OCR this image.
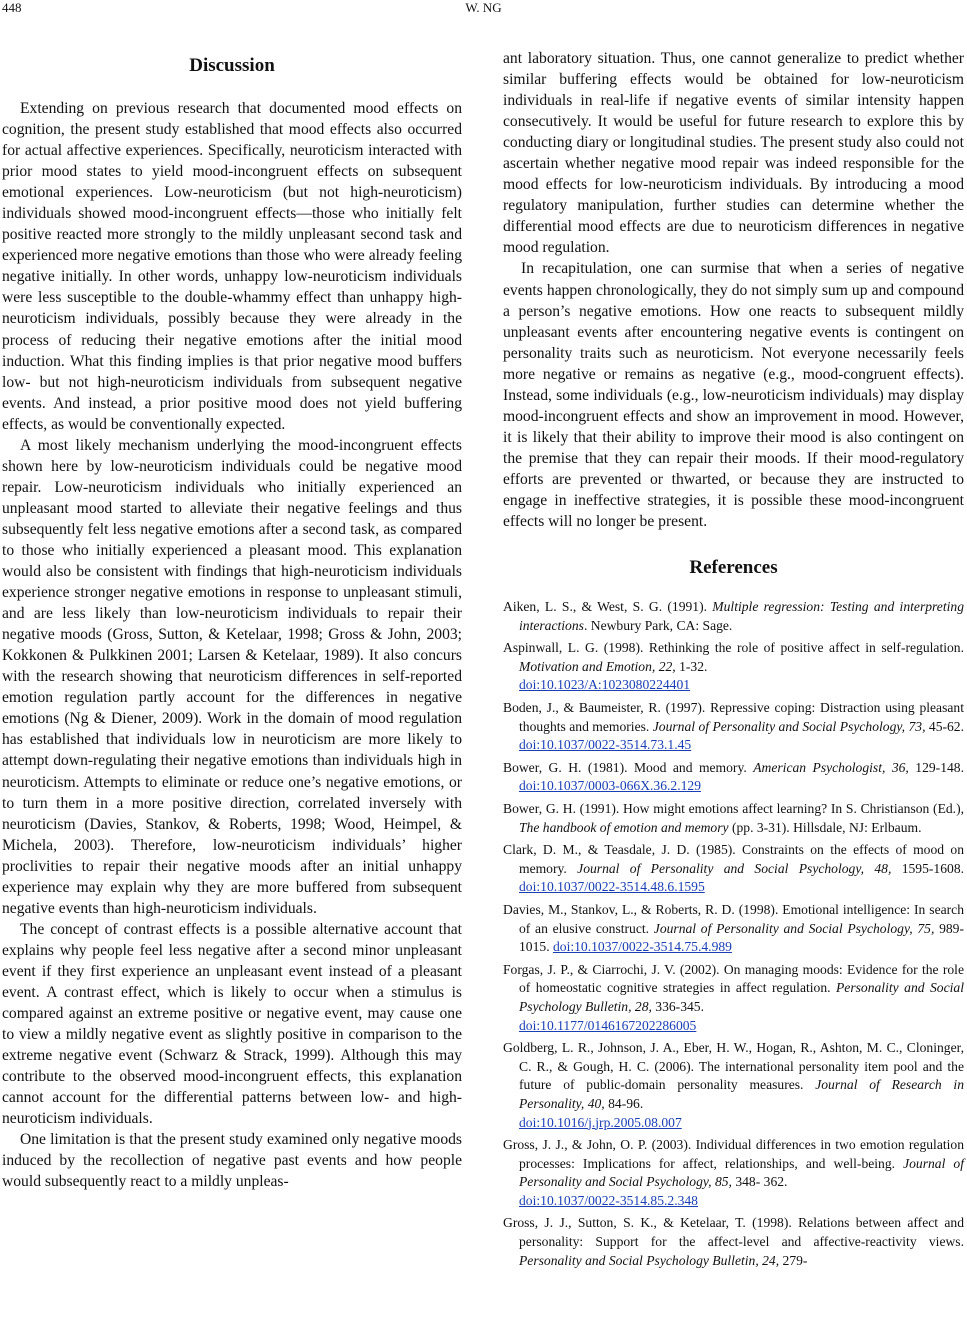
448	W. NG
Discussion

Extending on previous research that documented mood effects on cognition, the present study established that mood effects also occurred for actual affective experiences. Specifically, neuroticism interacted with prior mood states to yield mood-incongruent effects on subsequent emotional experiences. Low-neuroticism (but not high-neuroticism) individuals showed mood-incongruent effects—those who initially felt positive reacted more strongly to the mildly unpleasant second task and experienced more negative emotions than those who were already feeling negative initially. In other words, unhappy low-neuroticism individuals were less susceptible to the double-whammy effect than unhappy high-neuroticism individuals, possibly because they were already in the process of reducing their negative emotions after the initial mood induction. What this finding implies is that prior negative mood buffers low- but not high-neuroticism individuals from subsequent negative events. And instead, a prior positive mood does not yield buffering effects, as would be conventionally expected.

A most likely mechanism underlying the mood-incongruent effects shown here by low-neuroticism individuals could be negative mood repair. Low-neuroticism individuals who initially experienced an unpleasant mood started to alleviate their negative feelings and thus subsequently felt less negative emotions after a second task, as compared to those who initially experienced a pleasant mood. This explanation would also be consistent with findings that high-neuroticism individuals experience stronger negative emotions in response to unpleasant stimuli, and are less likely than low-neuroticism individuals to repair their negative moods (Gross, Sutton, & Ketelaar, 1998; Gross & John, 2003; Kokkonen & Pulkkinen 2001; Larsen & Ketelaar, 1989). It also concurs with the research showing that neuroticism differences in self-reported emotion regulation partly account for the differences in negative emotions (Ng & Diener, 2009). Work in the domain of mood regulation has established that individuals low in neuroticism are more likely to attempt down-regulating their negative emotions than individuals high in neuroticism. Attempts to eliminate or reduce one’s negative emotions, or to turn them in a more positive direction, correlated inversely with neuroticism (Davies, Stankov, & Roberts, 1998; Wood, Heimpel, & Michela, 2003). Therefore, low-neuroticism individuals’ higher proclivities to repair their negative moods after an initial unhappy experience may explain why they are more buffered from subsequent negative events than high-neuroticism individuals.

The concept of contrast effects is a possible alternative account that explains why people feel less negative after a second minor unpleasant event if they first experience an unpleasant event instead of a pleasant event. A contrast effect, which is likely to occur when a stimulus is compared against an extreme positive or negative event, may cause one to view a mildly negative event as slightly positive in comparison to the extreme negative event (Schwarz & Strack, 1999). Although this may contribute to the observed mood-incongruent effects, this explanation cannot account for the differential patterns between low- and high-neuroticism individuals.

One limitation is that the present study examined only negative moods induced by the recollection of negative past events and how people would subsequently react to a mildly unpleas-

ant laboratory situation. Thus, one cannot generalize to predict whether similar buffering effects would be obtained for low-neuroticism individuals in real-life if negative events of similar intensity happen consecutively. It would be useful for future research to explore this by conducting diary or longitudinal studies. The present study also could not ascertain whether negative mood repair was indeed responsible for the mood effects for low-neuroticism individuals. By introducing a mood regulatory manipulation, further studies can determine whether the differential mood effects are due to neuroticism differences in negative mood regulation.

In recapitulation, one can surmise that when a series of negative events happen chronologically, they do not simply sum up and compound a person’s negative emotions. How one reacts to subsequent mildly unpleasant events after encountering negative events is contingent on personality traits such as neuroticism. Not everyone necessarily feels more negative or remains as negative (e.g., mood-congruent effects). Instead, some individuals (e.g., low-neuroticism individuals) may display mood-incongruent effects and show an improvement in mood. However, it is likely that their ability to improve their mood is also contingent on the premise that they can repair their moods. If their mood-regulatory efforts are prevented or thwarted, or because they are instructed to engage in ineffective strategies, it is possible these mood-incongruent effects will no longer be present.

References
Aiken, L. S., & West, S. G. (1991). Multiple regression: Testing and interpreting interactions. Newbury Park, CA: Sage.
Aspinwall, L. G. (1998). Rethinking the role of positive affect in self-regulation. Motivation and Emotion, 22, 1-32.
doi:10.1023/A:1023080224401
Boden, J., & Baumeister, R. (1997). Repressive coping: Distraction using pleasant thoughts and memories. Journal of Personality and Social Psychology, 73, 45-62. doi:10.1037/0022-3514.73.1.45
Bower, G. H. (1981). Mood and memory. American Psychologist, 36, 129-148. doi:10.1037/0003-066X.36.2.129
Bower, G. H. (1991). How might emotions affect learning? In S. Christianson (Ed.), The handbook of emotion and memory (pp. 3-31). Hillsdale, NJ: Erlbaum.
Clark, D. M., & Teasdale, J. D. (1985). Constraints on the effects of mood on memory. Journal of Personality and Social Psychology, 48, 1595-1608. doi:10.1037/0022-3514.48.6.1595
Davies, M., Stankov, L., & Roberts, R. D. (1998). Emotional intelligence: In search of an elusive construct. Journal of Personality and Social Psychology, 75, 989-1015. doi:10.1037/0022-3514.75.4.989
Forgas, J. P., & Ciarrochi, J. V. (2002). On managing moods: Evidence for the role of homeostatic cognitive strategies in affect regulation. Personality and Social Psychology Bulletin, 28, 336-345.
doi:10.1177/0146167202286005
Goldberg, L. R., Johnson, J. A., Eber, H. W., Hogan, R., Ashton, M. C., Cloninger, C. R., & Gough, H. C. (2006). The international personality item pool and the future of public-domain personality measures. Journal of Research in Personality, 40, 84-96.
doi:10.1016/j.jrp.2005.08.007
Gross, J. J., & John, O. P. (2003). Individual differences in two emotion regulation processes: Implications for affect, relationships, and well-being. Journal of Personality and Social Psychology, 85, 348- 362.
doi:10.1037/0022-3514.85.2.348
Gross, J. J., Sutton, S. K., & Ketelaar, T. (1998). Relations between affect and personality: Support for the affect-level and affective-reactivity views. Personality and Social Psychology Bulletin, 24, 279-
